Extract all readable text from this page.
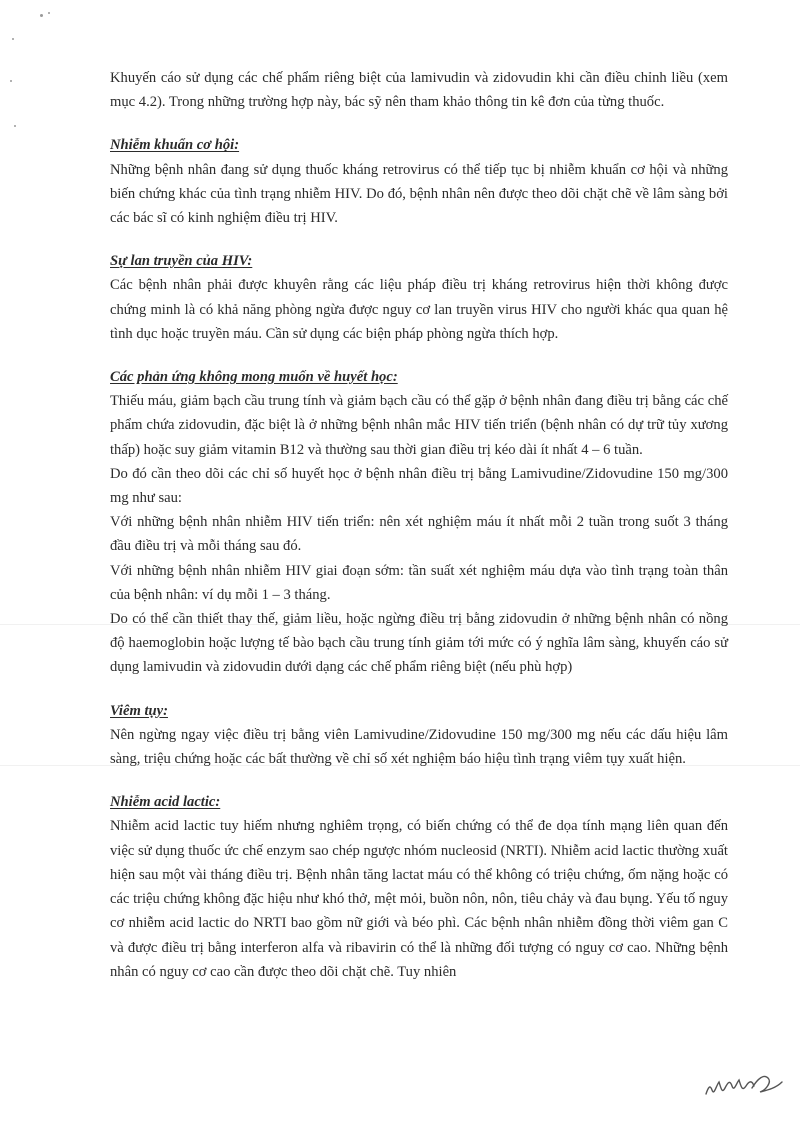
Khuyến cáo sử dụng các chế phẩm riêng biệt của lamivudin và zidovudin khi cần điều chỉnh liều (xem mục 4.2). Trong những trường hợp này, bác sỹ nên tham khảo thông tin kê đơn của từng thuốc.

Nhiễm khuẩn cơ hội:

Những bệnh nhân đang sử dụng thuốc kháng retrovirus có thể tiếp tục bị nhiễm khuẩn cơ hội và những biến chứng khác của tình trạng nhiễm HIV. Do đó, bệnh nhân nên được theo dõi chặt chẽ về lâm sàng bởi các bác sĩ có kinh nghiệm điều trị HIV.

Sự lan truyền của HIV:

Các bệnh nhân phải được khuyên rằng các liệu pháp điều trị kháng retrovirus hiện thời không được chứng minh là có khả năng phòng ngừa được nguy cơ lan truyền virus HIV cho người khác qua quan hệ tình dục hoặc truyền máu. Cần sử dụng các biện pháp phòng ngừa thích hợp.

Các phản ứng không mong muốn về huyết học:

Thiếu máu, giảm bạch cầu trung tính và giảm bạch cầu có thể gặp ở bệnh nhân đang điều trị bằng các chế phẩm chứa zidovudin, đặc biệt là ở những bệnh nhân mắc HIV tiến triển (bệnh nhân có dự trữ tủy xương thấp) hoặc suy giảm vitamin B12 và thường sau thời gian điều trị kéo dài ít nhất 4 – 6 tuần.

Do đó cần theo dõi các chỉ số huyết học ở bệnh nhân điều trị bằng Lamivudine/Zidovudine 150 mg/300 mg như sau:

Với những bệnh nhân nhiễm HIV tiến triển: nên xét nghiệm máu ít nhất mỗi 2 tuần trong suốt 3 tháng đầu điều trị và mỗi tháng sau đó.

Với những bệnh nhân nhiễm HIV giai đoạn sớm: tần suất xét nghiệm máu dựa vào tình trạng toàn thân của bệnh nhân: ví dụ mỗi 1 – 3 tháng.

Do có thể cần thiết thay thế, giảm liều, hoặc ngừng điều trị bằng zidovudin ở những bệnh nhân có nồng độ haemoglobin hoặc lượng tế bào bạch cầu trung tính giảm tới mức có ý nghĩa lâm sàng, khuyến cáo sử dụng lamivudin và zidovudin dưới dạng các chế phẩm riêng biệt (nếu phù hợp)

Viêm tụy:

Nên ngừng ngay việc điều trị bằng viên Lamivudine/Zidovudine 150 mg/300 mg nếu các dấu hiệu lâm sàng, triệu chứng hoặc các bất thường về chỉ số xét nghiệm báo hiệu tình trạng viêm tụy xuất hiện.

Nhiễm acid lactic:

Nhiễm acid lactic tuy hiếm nhưng nghiêm trọng, có biến chứng có thể đe dọa tính mạng liên quan đến việc sử dụng thuốc ức chế enzym sao chép ngược nhóm nucleosid (NRTI). Nhiễm acid lactic thường xuất hiện sau một vài tháng điều trị. Bệnh nhân tăng lactat máu có thể không có triệu chứng, ốm nặng hoặc có các triệu chứng không đặc hiệu như khó thở, mệt mỏi, buồn nôn, nôn, tiêu chảy và đau bụng. Yếu tố nguy cơ nhiễm acid lactic do NRTI bao gồm nữ giới và béo phì. Các bệnh nhân nhiễm đồng thời viêm gan C và được điều trị bằng interferon alfa và ribavirin có thể là những đối tượng có nguy cơ cao. Những bệnh nhân có nguy cơ cao cần được theo dõi chặt chẽ. Tuy nhiên
